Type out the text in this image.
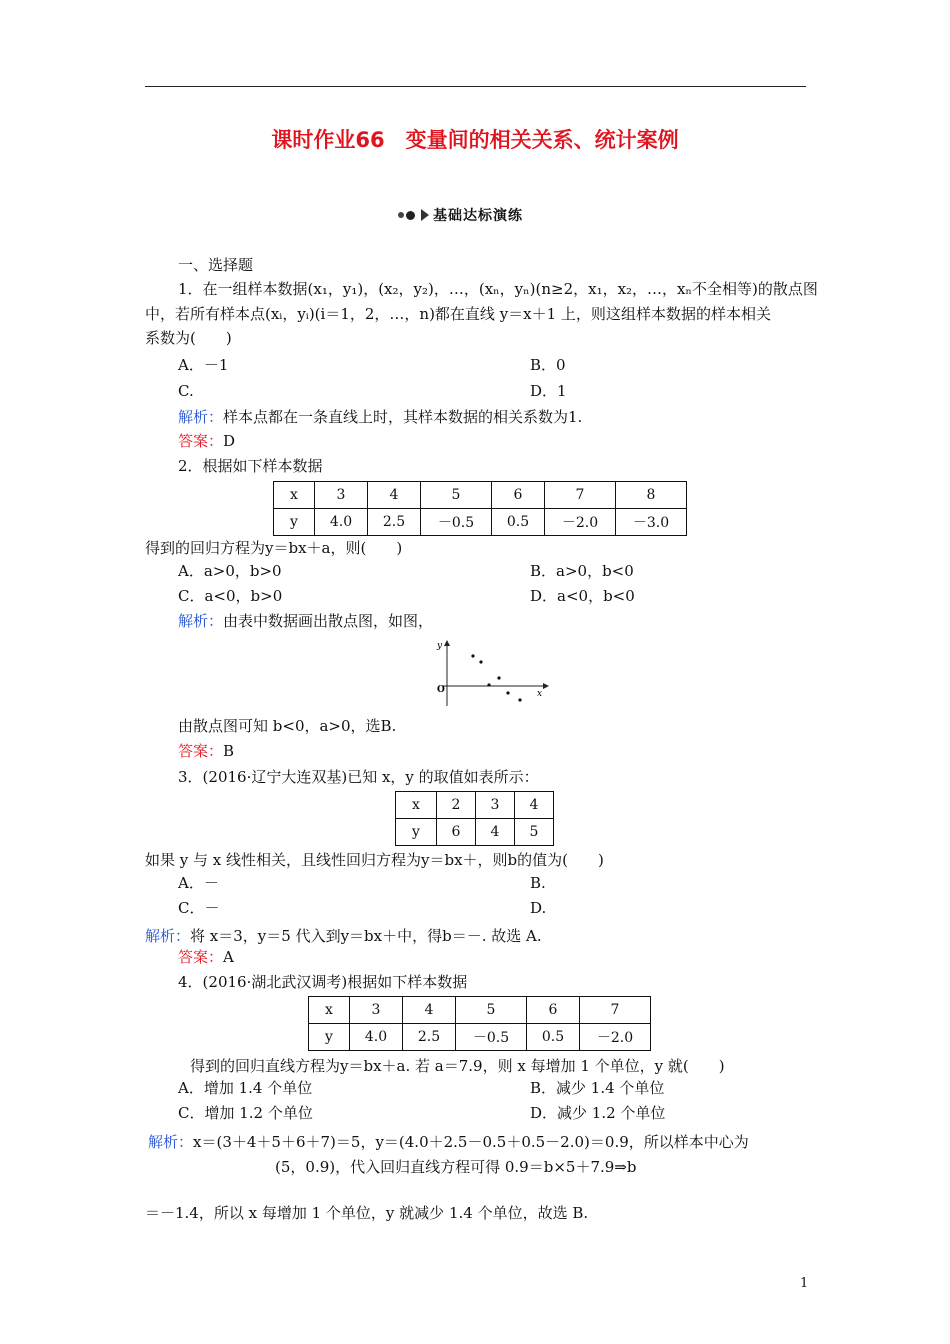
课时作业66　变量间的相关关系、统计案例
基础达标演练
一、选择题
1．在一组样本数据(x₁，y₁)，(x₂，y₂)，…，(xₙ，yₙ)(n≥2，x₁，x₂，…，xₙ不全相等)的散点图
中，若所有样本点(xᵢ，yᵢ)(i＝1，2，…，n)都在直线 y＝x＋1 上，则这组样本数据的样本相关
系数为(　　)
A．－1	B．0
C.	D．1
解析：样本点都在一条直线上时，其样本数据的相关系数为1.
答案：D
2．根据如下样本数据
x	3	4	5	6	7	8
y	4.0	2.5	－0.5	0.5	－2.0	－3.0
得到的回归方程为y＝bx＋a，则(　　)
A．a>0，b>0	B．a>0，b<0
C．a<0，b>0	D．a<0，b<0
解析：由表中数据画出散点图，如图，
y
x
O
由散点图可知 b<0，a>0，选B.
答案：B
3．(2016·辽宁大连双基)已知 x，y 的取值如表所示：
x	2	3	4
y	6	4	5
如果 y 与 x 线性相关，且线性回归方程为y＝bx＋，则b的值为(　　)
A．－	B.
C．－	D.
解析：将 x＝3，y＝5 代入到y＝bx＋中，得b＝－. 故选 A.
答案：A
4．(2016·湖北武汉调考)根据如下样本数据
x	3	4	5	6	7
y	4.0	2.5	－0.5	0.5	－2.0
得到的回归直线方程为y＝bx＋a. 若 a＝7.9，则 x 每增加 1 个单位，y 就(　　)
A．增加 1.4 个单位	B．减少 1.4 个单位
C．增加 1.2 个单位	D．减少 1.2 个单位
解析：x＝(3＋4＋5＋6＋7)＝5，y＝(4.0＋2.5－0.5＋0.5－2.0)＝0.9，所以样本中心为
(5，0.9)，代入回归直线方程可得 0.9＝b×5＋7.9⇒b
＝－1.4，所以 x 每增加 1 个单位，y 就减少 1.4 个单位，故选 B.
1
